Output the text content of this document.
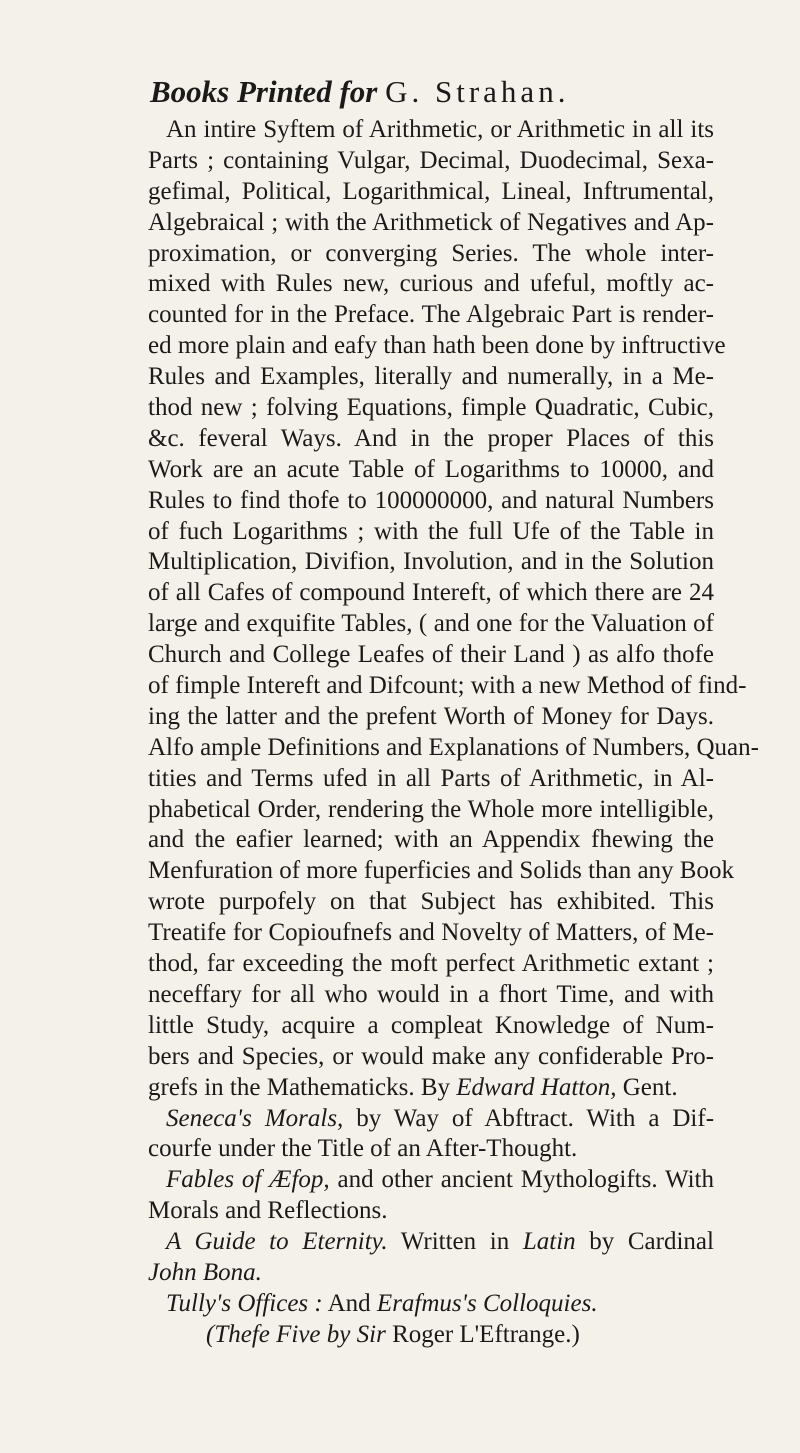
Books Printed for G. Strahan.
An intire Syftem of Arithmetic, or Arithmetic in all its
Parts ; containing Vulgar, Decimal, Duodecimal, Sexa-
gefimal, Political, Logarithmical, Lineal, Inftrumental,
Algebraical ; with the Arithmetick of Negatives and Ap-
proximation, or converging Series. The whole inter-
mixed with Rules new, curious and ufeful, moftly ac-
counted for in the Preface. The Algebraic Part is render-
ed more plain and eafy than hath been done by inftructive
Rules and Examples, literally and numerally, in a Me-
thod new ; folving Equations, fimple Quadratic, Cubic,
&c. feveral Ways. And in the proper Places of this
Work are an acute Table of Logarithms to 10000, and
Rules to find thofe to 100000000, and natural Numbers
of fuch Logarithms ; with the full Ufe of the Table in
Multiplication, Divifion, Involution, and in the Solution
of all Cafes of compound Intereft, of which there are 24
large and exquifite Tables, ( and one for the Valuation of
Church and College Leafes of their Land ) as alfo thofe
of fimple Intereft and Difcount; with a new Method of find-
ing the latter and the prefent Worth of Money for Days.
Alfo ample Definitions and Explanations of Numbers, Quan-
tities and Terms ufed in all Parts of Arithmetic, in Al-
phabetical Order, rendering the Whole more intelligible,
and the eafier learned; with an Appendix fhewing the
Menfuration of more fuperficies and Solids than any Book
wrote purpofely on that Subject has exhibited. This
Treatife for Copioufnefs and Novelty of Matters, of Me-
thod, far exceeding the moft perfect Arithmetic extant ;
neceffary for all who would in a fhort Time, and with
little Study, acquire a compleat Knowledge of Num-
bers and Species, or would make any confiderable Pro-
grefs in the Mathematicks. By Edward Hatton, Gent.
Seneca's Morals, by Way of Abftract. With a Dif-
courfe under the Title of an After-Thought.
Fables of Æfop, and other ancient Mythologifts. With
Morals and Reflections.
A Guide to Eternity. Written in Latin by Cardinal
John Bona.
Tully's Offices : And Erafmus's Colloquies.
(Thefe Five by Sir Roger L'Eftrange.)
